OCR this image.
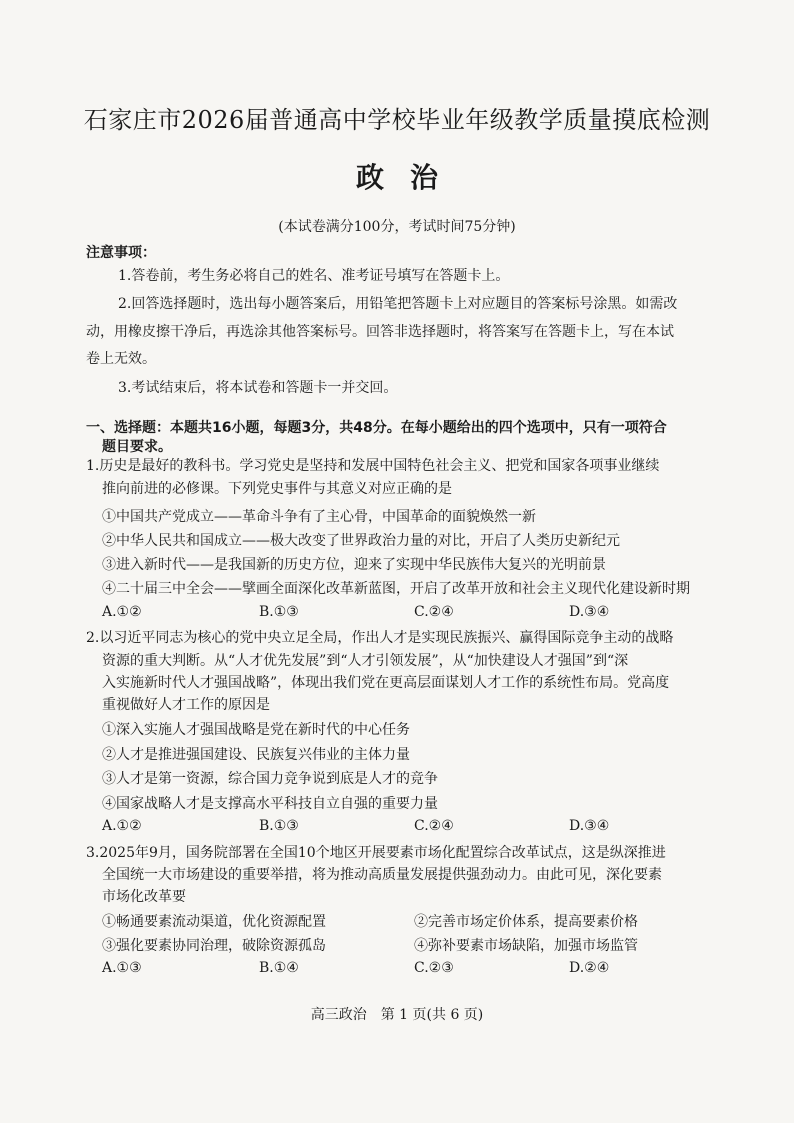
石家庄市2026届普通高中学校毕业年级教学质量摸底检测
政治
(本试卷满分100分，考试时间75分钟)
注意事项：
1.答卷前，考生务必将自己的姓名、准考证号填写在答题卡上。
2.回答选择题时，选出每小题答案后，用铅笔把答题卡上对应题目的答案标号涂黑。如需改
动，用橡皮擦干净后，再选涂其他答案标号。回答非选择题时，将答案写在答题卡上，写在本试
卷上无效。
3.考试结束后，将本试卷和答题卡一并交回。
一、选择题：本题共16小题，每题3分，共48分。在每小题给出的四个选项中，只有一项符合
题目要求。
1.历史是最好的教科书。学习党史是坚持和发展中国特色社会主义、把党和国家各项事业继续
推向前进的必修课。下列党史事件与其意义对应正确的是
①中国共产党成立——革命斗争有了主心骨，中国革命的面貌焕然一新
②中华人民共和国成立——极大改变了世界政治力量的对比，开启了人类历史新纪元
③进入新时代——是我国新的历史方位，迎来了实现中华民族伟大复兴的光明前景
④二十届三中全会——擘画全面深化改革新蓝图，开启了改革开放和社会主义现代化建设新时期
A.①②	B.①③	C.②④	D.③④
2.以习近平同志为核心的党中央立足全局，作出人才是实现民族振兴、赢得国际竞争主动的战略
资源的重大判断。从“人才优先发展”到“人才引领发展”，从“加快建设人才强国”到“深
入实施新时代人才强国战略”，体现出我们党在更高层面谋划人才工作的系统性布局。党高度
重视做好人才工作的原因是
①深入实施人才强国战略是党在新时代的中心任务
②人才是推进强国建设、民族复兴伟业的主体力量
③人才是第一资源，综合国力竞争说到底是人才的竞争
④国家战略人才是支撑高水平科技自立自强的重要力量
A.①②	B.①③	C.②④	D.③④
3.2025年9月，国务院部署在全国10个地区开展要素市场化配置综合改革试点，这是纵深推进
全国统一大市场建设的重要举措，将为推动高质量发展提供强劲动力。由此可见，深化要素
市场化改革要
①畅通要素流动渠道，优化资源配置	②完善市场定价体系，提高要素价格
③强化要素协同治理，破除资源孤岛	④弥补要素市场缺陷，加强市场监管
A.①③	B.①④	C.②③	D.②④
高三政治　第 1 页(共 6 页)
